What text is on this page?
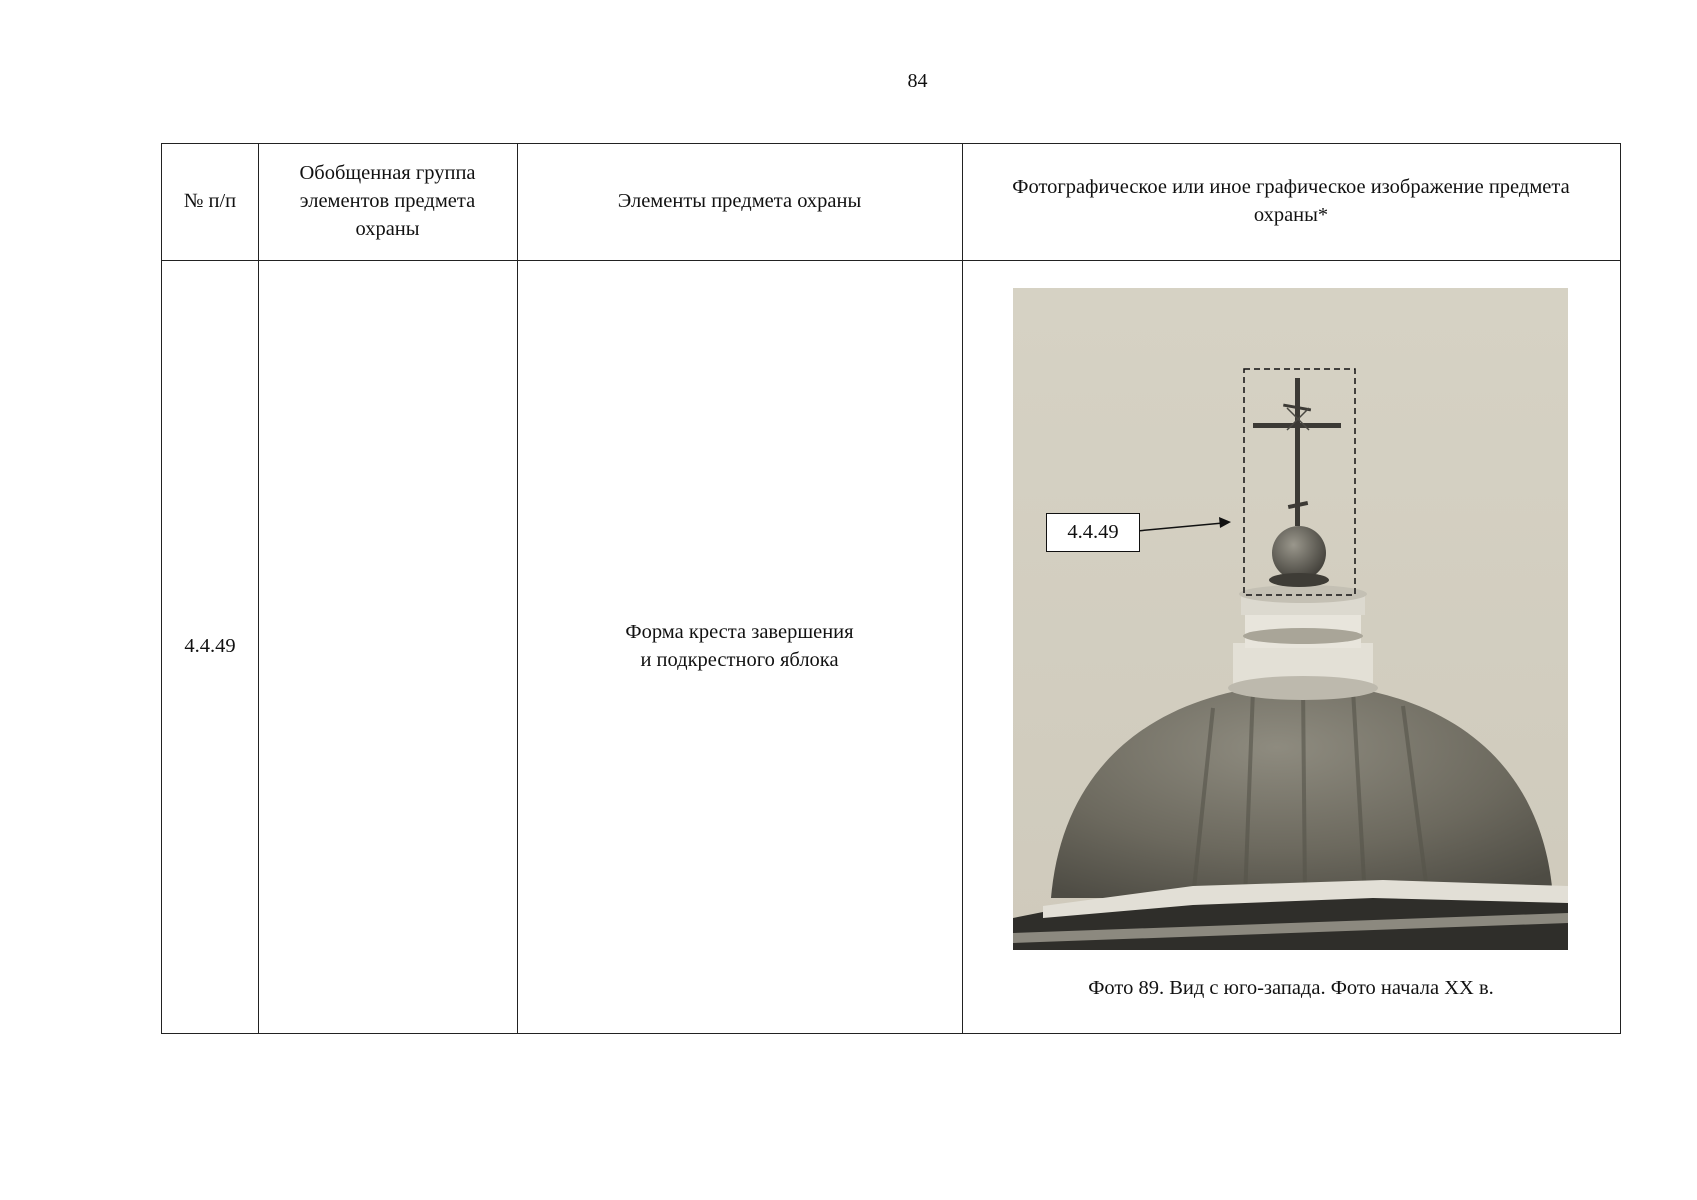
84
№ п/п
Обобщенная группа элементов предмета охраны
Элементы предмета охраны
Фотографическое или иное графическое изображение предмета охраны*
4.4.49
Форма креста завершения
и подкрестного яблока
4.4.49
Фото 89. Вид с юго-запада. Фото начала XX в.
